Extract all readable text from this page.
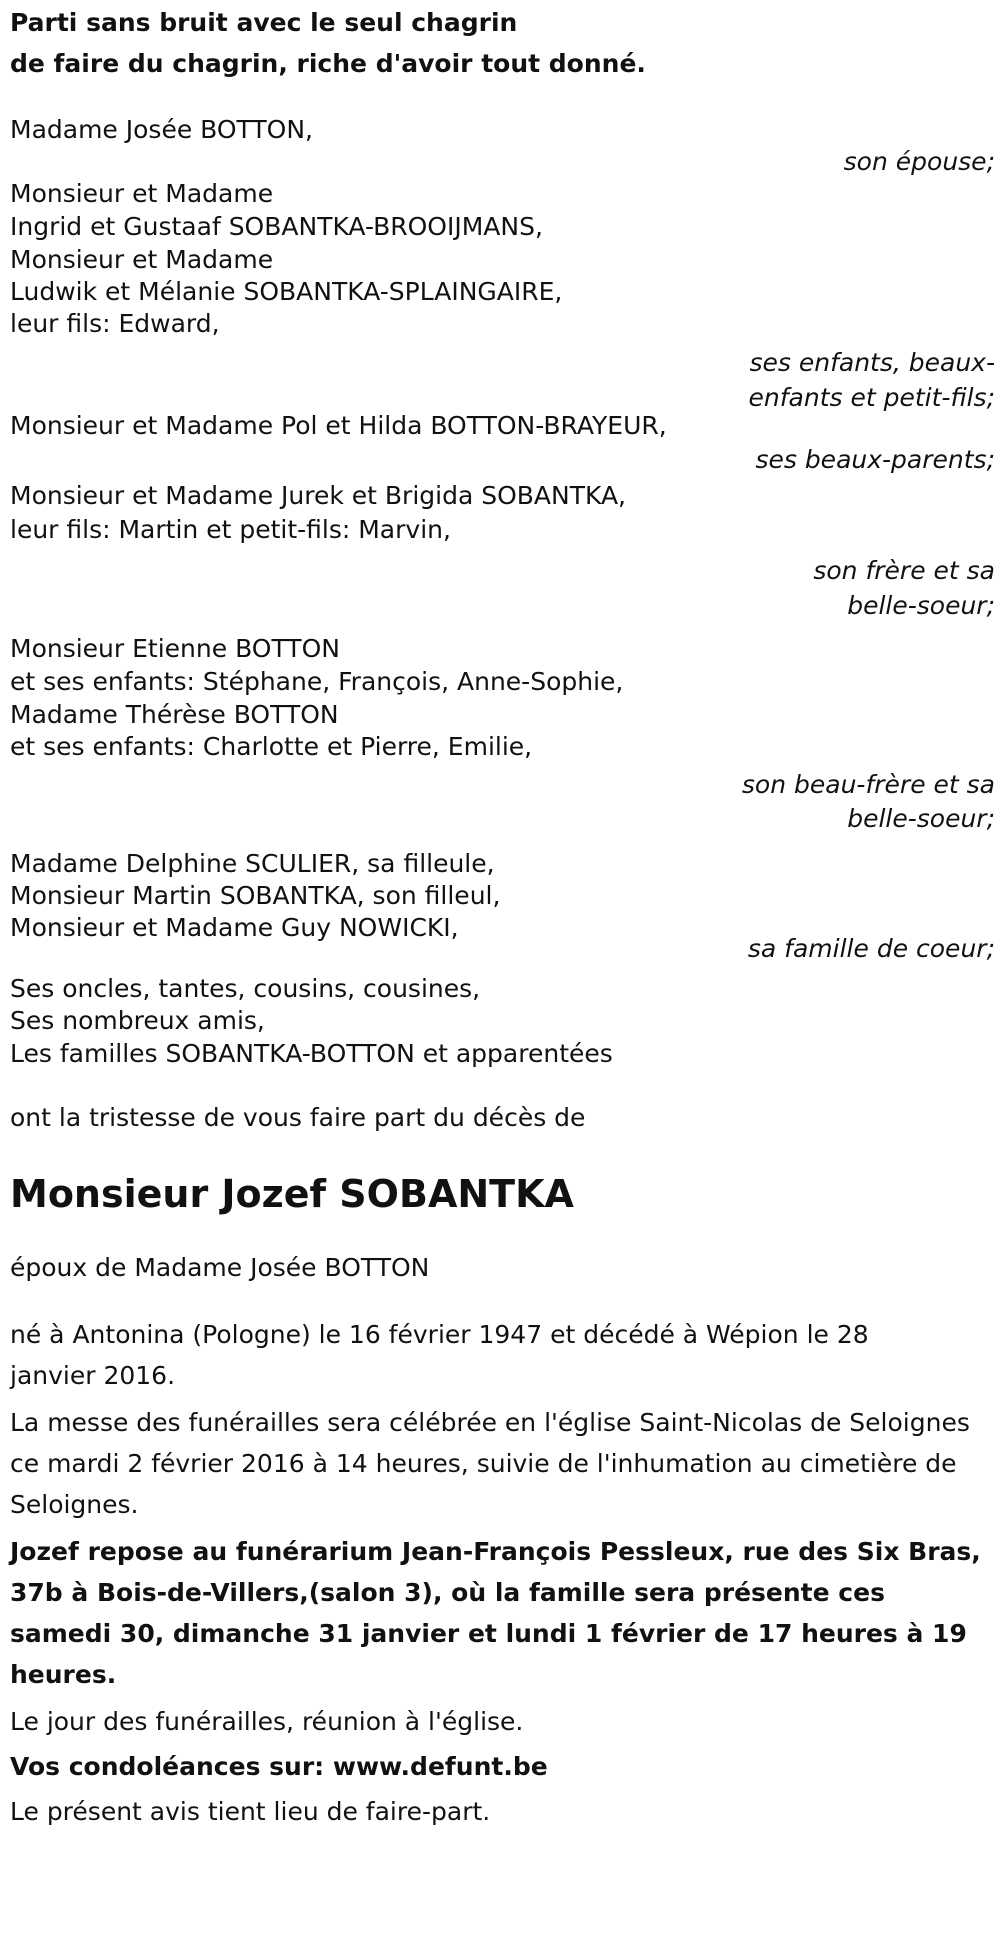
Parti sans bruit avec le seul chagrin
de faire du chagrin, riche d'avoir tout donné.
Madame Josée BOTTON,
son épouse;
Monsieur et Madame
Ingrid et Gustaaf SOBANTKA-BROOIJMANS,
Monsieur et Madame
Ludwik et Mélanie SOBANTKA-SPLAINGAIRE,
leur fils: Edward,
ses enfants, beaux-
enfants et petit-fils;
Monsieur et Madame Pol et Hilda BOTTON-BRAYEUR,
ses beaux-parents;
Monsieur et Madame Jurek et Brigida SOBANTKA,
leur fils: Martin et petit-fils: Marvin,
son frère et sa
belle-soeur;
Monsieur Etienne BOTTON
et ses enfants: Stéphane, François, Anne-Sophie,
Madame Thérèse BOTTON
et ses enfants: Charlotte et Pierre, Emilie,
son beau-frère et sa
belle-soeur;
Madame Delphine SCULIER, sa filleule,
Monsieur Martin SOBANTKA, son filleul,
Monsieur et Madame Guy NOWICKI,
sa famille de coeur;
Ses oncles, tantes, cousins, cousines,
Ses nombreux amis,
Les familles SOBANTKA-BOTTON et apparentées
ont la tristesse de vous faire part du décès de
Monsieur Jozef SOBANTKA
époux de Madame Josée BOTTON
né à Antonina (Pologne) le 16 février 1947 et décédé à Wépion le 28 janvier 2016.
La messe des funérailles sera célébrée en l'église Saint-Nicolas de Seloignes ce mardi 2 février 2016 à 14 heures, suivie de l'inhumation au cimetière de Seloignes.
Jozef repose au funérarium Jean-François Pessleux, rue des Six Bras, 37b à Bois-de-Villers,(salon 3), où la famille sera présente ces samedi 30, dimanche 31 janvier et lundi 1 février de 17 heures à 19 heures.
Le jour des funérailles, réunion à l'église.
Vos condoléances sur: www.defunt.be
Le présent avis tient lieu de faire-part.
